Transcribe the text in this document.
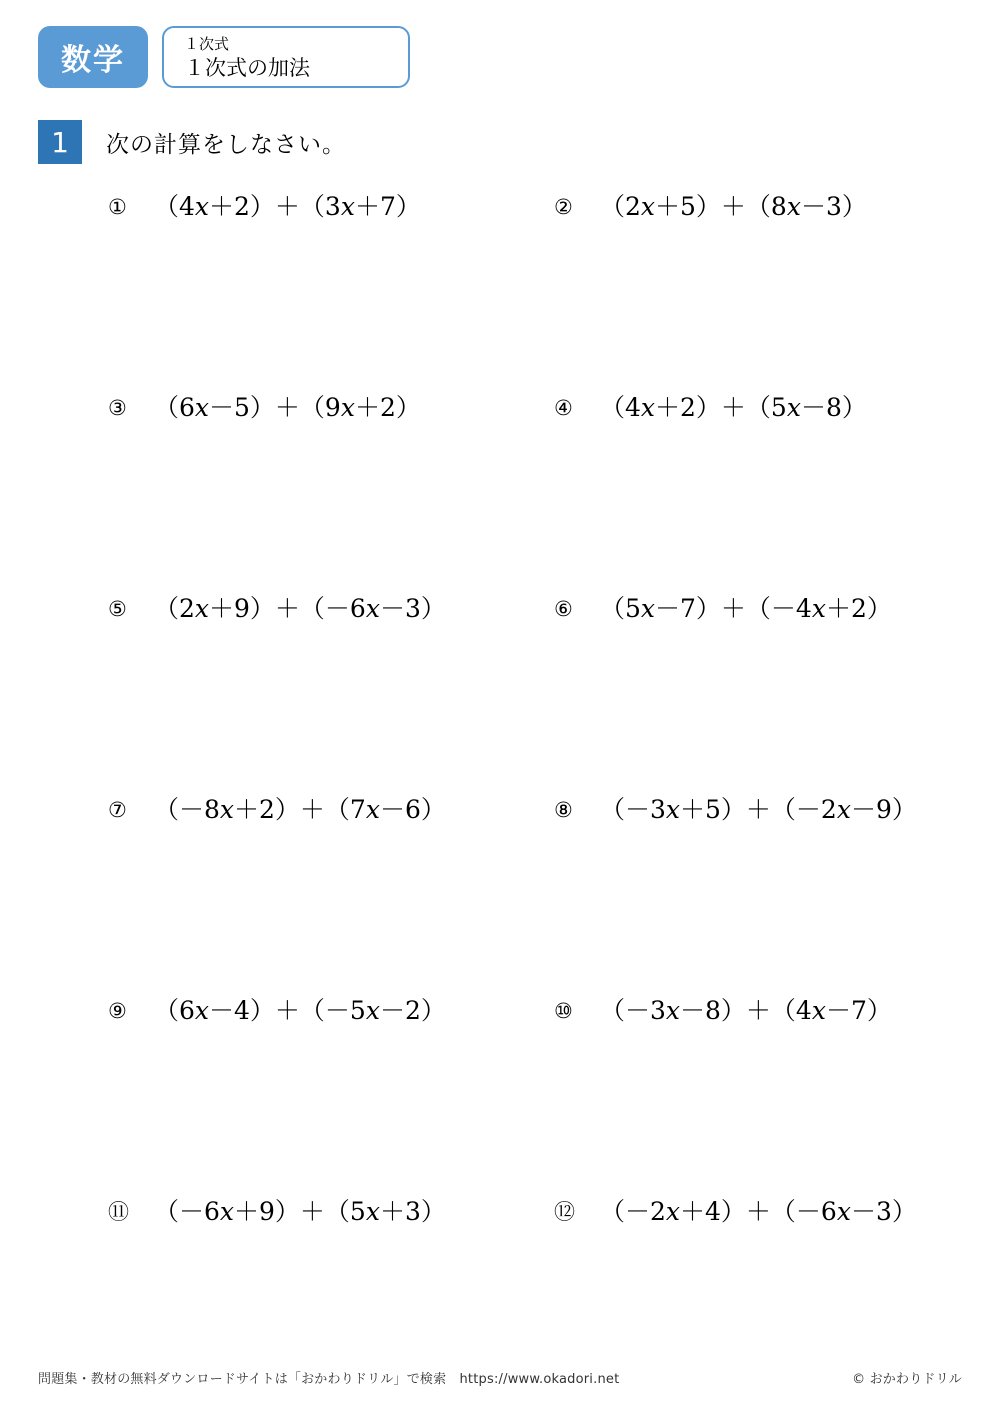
数学	１次式
１次式の加法
1	次の計算をしなさい。
①	（4x＋2）＋（3x＋7）	②	（2x＋5）＋（8x－3）
③	（6x－5）＋（9x＋2）	④	（4x＋2）＋（5x－8）
⑤	（2x＋9）＋（－6x－3）	⑥	（5x－7）＋（－4x＋2）
⑦	（－8x＋2）＋（7x－6）	⑧	（－3x＋5）＋（－2x－9）
⑨	（6x－4）＋（－5x－2）	⑩	（－3x－8）＋（4x－7）
⑪	（－6x＋9）＋（5x＋3）	⑫	（－2x＋4）＋（－6x－3）
問題集・教材の無料ダウンロードサイトは「おかわりドリル」で検索　https://www.okadori.net	© おかわりドリル
